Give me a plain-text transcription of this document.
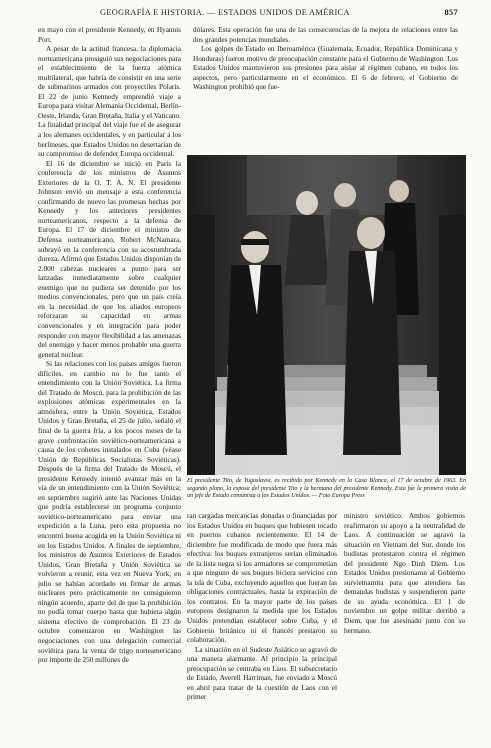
GEOGRAFÍA E HISTORIA. — ESTADOS UNIDOS DE AMÉRICA	857

en mayo con el presidente Kennedy, en Hyannis Port.

A pesar de la actitud francesa, la diplomacia norteamericana prosiguió sus negociaciones para el establecimiento de la fuerza atómica multilateral, que habría de consistir en una serie de submarinos armados con proyectiles Polaris. El 22 de junio Kennedy emprendió viaje a Europa para visitar Alemania Occidental, Berlín-Oeste, Irlanda, Gran Bretaña, Italia y el Vaticano. La finalidad principal del viaje fue el de asegurar a los alemanes occidentales, y en particular a los berlineses, que Estados Unidos no desertarían de su compromiso de defender Europa occidental.

El 16 de diciembre se inició en París la conferencia de los ministros de Asuntos Exteriores de la O. T. A. N. El presidente Johnson envió un mensaje a esta conferencia confirmando de nuevo las promesas hechas por Kennedy y los anteriores presidentes norteamericanos, respecto a la defensa de Europa. El 17 de diciembre el ministro de Defensa norteamericano, Robert McNamara, subrayó en la conferencia con su acostumbrada dureza. Afirmó que Estados Unidos disponían de 2.000 cabezas nucleares a punto para ser lanzadas inmediatamente sobre cualquier enemigo que no pudiera ser detenido por los medios convencionales, pero que un país creía en la necesidad de que los aliados europeos reforzaran su capacidad en armas convencionales y en integración para poder responder con mayor flexibilidad a las amenazas del enemigo y hacer menos probable una guerra general nuclear.

Si las relaciones con los países amigos fueron difíciles, en cambio no lo fue tanto el entendimiento con la Unión Soviética. La firma del Tratado de Moscú, para la prohibición de las explosiones atómicas experimentales en la atmósfera, entre la Unión Soviética, Estados Unidos y Gran Bretaña, el 25 de julio, señaló el final de la guerra fría, a los pocos meses de la grave confrontación soviético-norteamericana a causa de los cohetes instalados en Cuba (véase Unión de Repúblicas Socialistas Soviéticas). Después de la firma del Tratado de Moscú, el presidente Kennedy intentó avanzar más en la vía de un entendimiento con la Unión Soviética; en septiembre sugirió ante las Naciones Unidas que podría establecerse un programa conjunto soviético-norteamericano para enviar una expedición a la Luna, pero esta propuesta no encontró buena acogida en la Unión Soviética ni en los Estados Unidos. A finales de septiembre, los ministros de Asuntos Exteriores de Estados Unidos, Gran Bretaña y Unión Soviética se volvieron a reunir, esta vez en Nueva York; en julio se habían acordado en firmar de armas nucleares pero prácticamente no consiguieron ningún acuerdo, aparte del de que la prohibición no podía tomar cuerpo hasta que hubiera algún sistema efectivo de comprobación. El 23 de octubre comenzaron en Washington las negociaciones con una delegación comercial soviética para la venta de trigo norteamericano por importe de 250 millones de

dólares. Esta operación fue una de las consecuencias de la mejora de relaciones entre las dos grandes potencias mundiales.

Los golpes de Estado en Iberoamérica (Guatemala, Ecuador, República Dominicana y Honduras) fueron motivo de preocupación constante para el Gobierno de Washington. Los Estados Unidos mantuvieron sus presiones para aislar al régimen cubano, en todos los aspectos, pero particularmente en el económico. El 6 de febrero, el Gobierno de Washington prohibió que fue-

El presidente Tito, de Yugoslavia, es recibido por Kennedy en la Casa Blanca, el 17 de octubre de 1963. En segundo plano, la esposa del presidente Tito y la hermana del presidente Kennedy. Esta fue la primera visita de un jefe de Estado comunista a los Estados Unidos. — Foto Europa Press

ran cargadas mercancías donadas o financiadas por los Estados Unidos en buques que hubiesen tocado en puertos cubanos recientemente. El 14 de diciembre fue modificada de modo que fuera más efectiva: los buques extranjeros serían eliminados de la lista negra si los armadores se comprometían a que ninguno de sus buques hiciera servicios con la isla de Cuba, excluyendo aquellos que fueran las obligaciones contractuales, hasta la expiración de los contratos. En la mayor parte de los países europeos designaron la medida que los Estados Unidos pretendían establecer sobre Cuba, y el Gobierno británico ni el francés prestaron su colaboración.

La situación en el Sudeste Asiático se agravó de una manera alarmante. Al principio la principal preocupación se centraba en Laos. El subsecretario de Estado, Averell Harriman, fue enviado a Moscú en abril para tratar de la cuestión de Laos con el primer

ministro soviético. Ambos gobiernos reafirmaron su apoyo a la neutralidad de Laos. A continuación se agravó la situación en Vietnam del Sur, donde los budistas protestaron contra el régimen del presidente Ngo Dinh Diem. Los Estados Unidos presionaron al Gobierno survietnamita para que atendiera las demandas budistas y suspendieron parte de su ayuda económica. El 1 de noviembre un golpe militar derribó a Diem, que fue asesinado junto con su hermano.
